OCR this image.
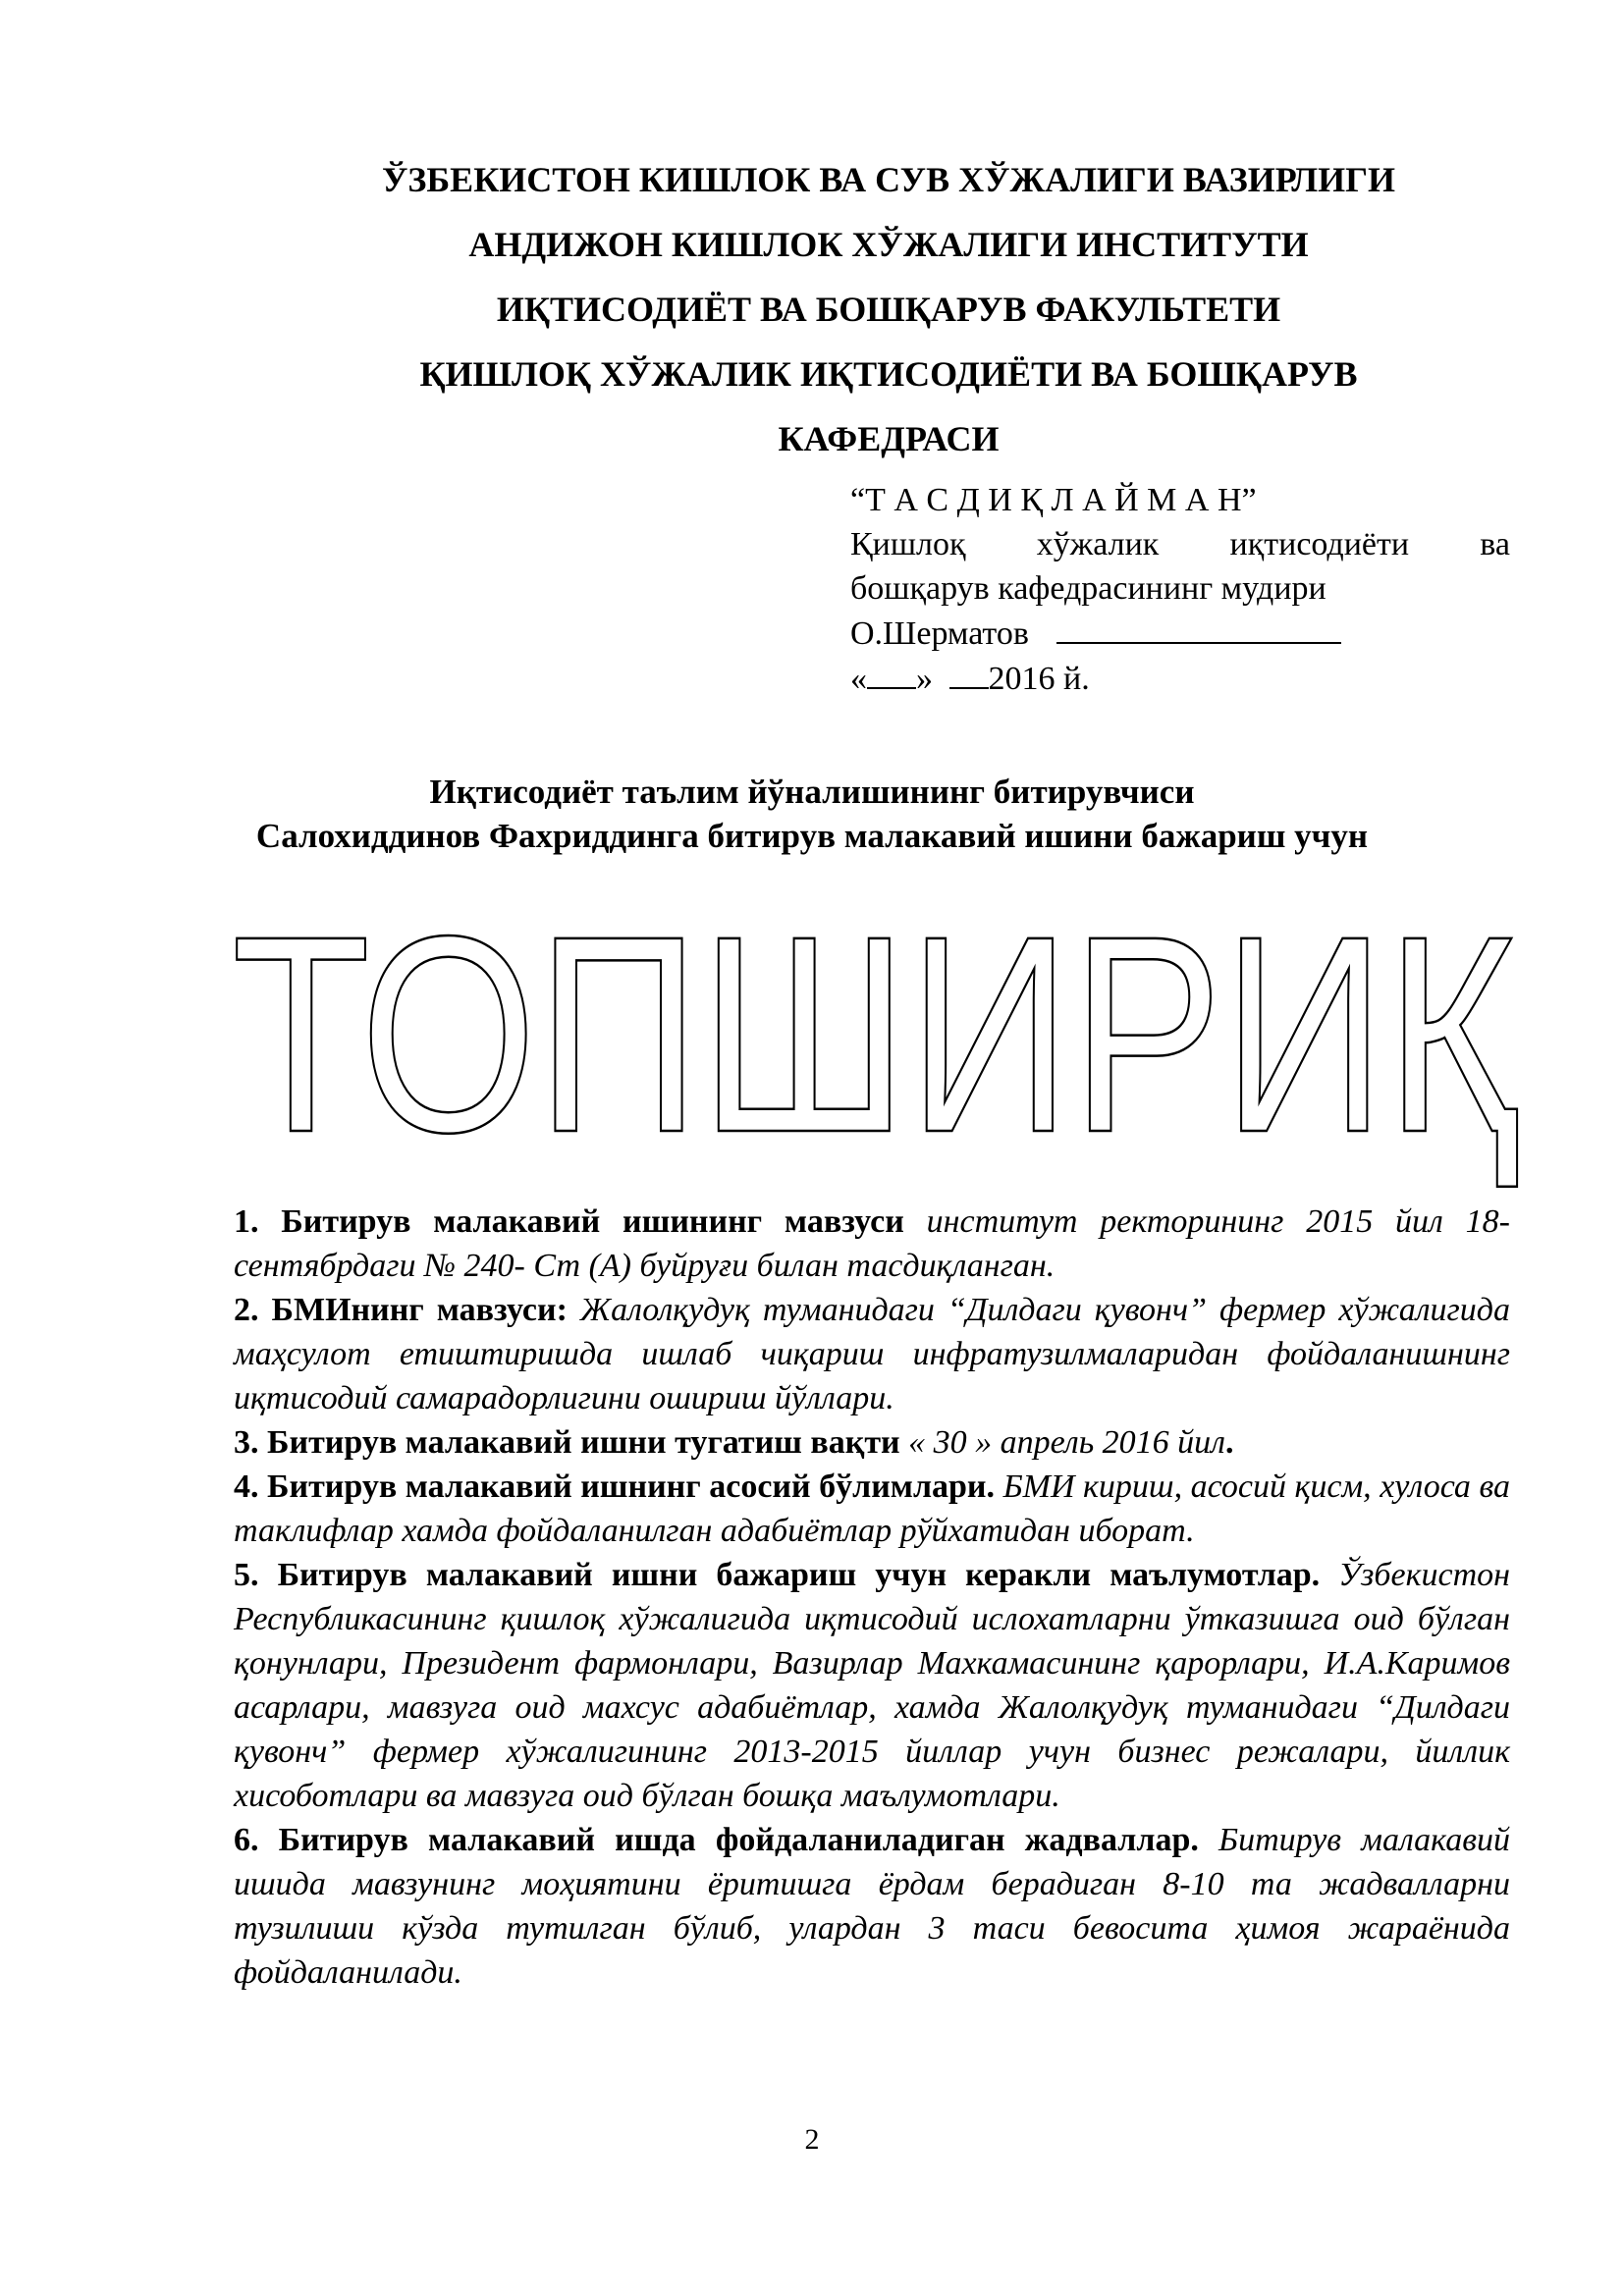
ЎЗБЕКИСТОН КИШЛОК ВА СУВ ХЎЖАЛИГИ ВАЗИРЛИГИ
АНДИЖОН КИШЛОК ХЎЖАЛИГИ ИНСТИТУТИ
ИҚТИСОДИЁТ ВА БОШҚАРУВ ФАКУЛЬТЕТИ
ҚИШЛОҚ ХЎЖАЛИК ИҚТИСОДИЁТИ ВА БОШҚАРУВ
КАФЕДРАСИ
“Т А С Д И Қ Л А Й М А Н”
Қишлоқ хўжалик иқтисодиёти ва
бошқарув кафедрасининг мудири
О.Шерматов
« » 2016 й.
Иқтисодиёт таълим йўналишининг битирувчиси
Салохиддинов Фахриддинга битирув малакавий ишини бажариш учун
ТОПШИРИҚ

1. Битирув малакавий ишининг мавзуси институт ректорининг 2015 йил 18-сентябрдаги № 240- Ст (А) буйруғи билан тасдиқланган.

2. БМИнинг мавзуси: Жалолқудуқ туманидаги “Дилдаги қувонч” фермер хўжалигида маҳсулот етиштиришда ишлаб чиқариш инфратузилмаларидан фойдаланишнинг иқтисодий самарадорлигини ошириш йўллари.

3. Битирув малакавий ишни тугатиш вақти « 30 » апрель 2016 йил.

4. Битирув малакавий ишнинг асосий бўлимлари. БМИ кириш, асосий қисм, хулоса ва таклифлар хамда фойдаланилган адабиётлар рўйхатидан иборат.

5. Битирув малакавий ишни бажариш учун керакли маълумотлар. Ўзбекистон Республикасининг қишлоқ хўжалигида иқтисодий ислохатларни ўтказишга оид бўлган қонунлари, Президент фармонлари, Вазирлар Махкамасининг қарорлари, И.А.Каримов асарлари, мавзуга оид махсус адабиётлар, хамда Жалолқудуқ туманидаги “Дилдаги қувонч” фермер хўжалигининг 2013-2015 йиллар учун бизнес режалари, йиллик хисоботлари ва мавзуга оид бўлган бошқа маълумотлари.

6. Битирув малакавий ишда фойдаланиладиган жадваллар. Битирув малакавий ишида мавзунинг моҳиятини ёритишга ёрдам берадиган 8-10 та жадвалларни тузилиши кўзда тутилган бўлиб, улардан 3 таси бевосита ҳимоя жараёнида фойдаланилади.

2
